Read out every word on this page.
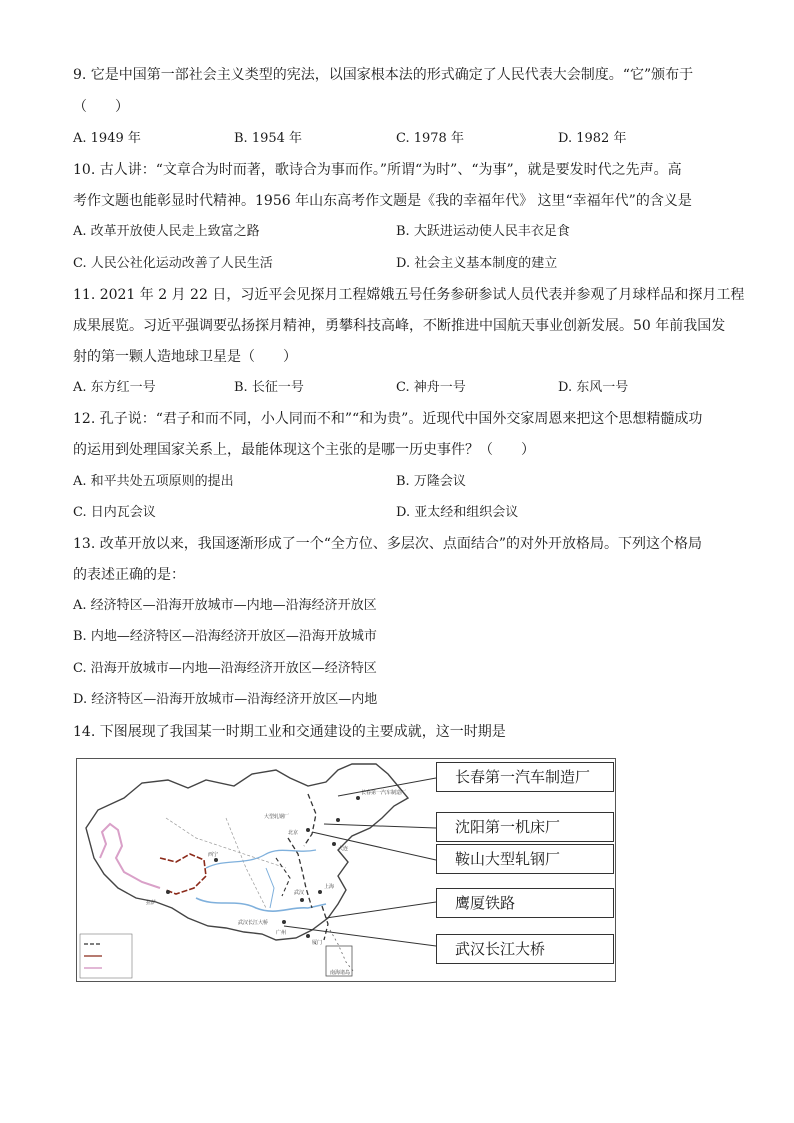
9. 它是中国第一部社会主义类型的宪法，以国家根本法的形式确定了人民代表大会制度。“它”颁布于
（　　）
A. 1949 年	B. 1954 年	C. 1978 年	D. 1982 年
10. 古人讲：“文章合为时而著，歌诗合为事而作。”所谓“为时”、“为事”，就是要发时代之先声。高
考作文题也能彰显时代精神。1956 年山东高考作文题是《我的幸福年代》 这里“幸福年代”的含义是
A. 改革开放使人民走上致富之路	B. 大跃进运动使人民丰衣足食
C. 人民公社化运动改善了人民生活	D. 社会主义基本制度的建立
11. 2021 年 2 月 22 日，习近平会见探月工程嫦娥五号任务参研参试人员代表并参观了月球样品和探月工程
成果展览。习近平强调要弘扬探月精神，勇攀科技高峰，不断推进中国航天事业创新发展。50 年前我国发
射的第一颗人造地球卫星是（　　）
A. 东方红一号	B. 长征一号	C. 神舟一号	D. 东风一号
12. 孔子说：“君子和而不同，小人同而不和”“和为贵”。近现代中国外交家周恩来把这个思想精髓成功
的运用到处理国家关系上，最能体现这个主张的是哪一历史事件？（　　）
A. 和平共处五项原则的提出	B. 万隆会议
C. 日内瓦会议	D. 亚太经和组织会议
13. 改革开放以来，我国逐渐形成了一个“全方位、多层次、点面结合”的对外开放格局。下列这个格局
的表述正确的是：
A. 经济特区—沿海开放城市—内地—沿海经济开放区
B. 内地—经济特区—沿海经济开放区—沿海开放城市
C. 沿海开放城市—内地—沿海经济开放区—经济特区
D. 经济特区—沿海开放城市—沿海经济开放区—内地
14. 下图展现了我国某一时期工业和交通建设的主要成就，这一时期是
长春第一汽车制造厂
大型轧钢厂
北京
大连
西宁
拉萨
武汉
上海
武汉长江大桥
厦门
广州
南海诸岛
长春第一汽车制造厂
沈阳第一机床厂
鞍山大型轧钢厂
鹰厦铁路
武汉长江大桥
